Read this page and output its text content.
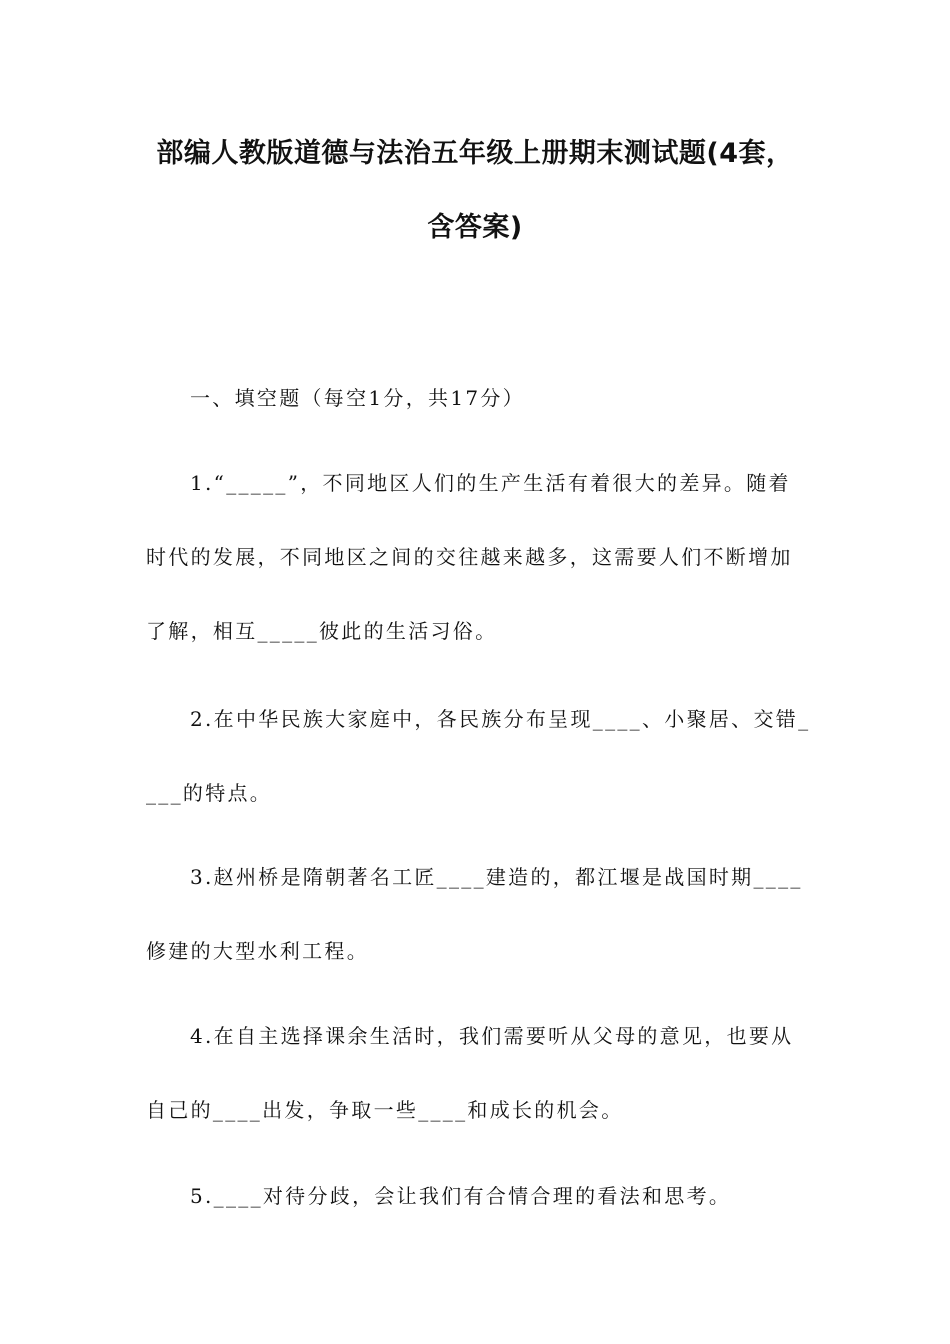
部编人教版道德与法治五年级上册期末测试题(4套，
含答案)
一、填空题（每空1分，共17分）
1.“_____”，不同地区人们的生产生活有着很大的差异。随着
时代的发展，不同地区之间的交往越来越多，这需要人们不断增加
了解，相互_____彼此的生活习俗。
2.在中华民族大家庭中，各民族分布呈现____、小聚居、交错_
___的特点。
3.赵州桥是隋朝著名工匠____建造的，都江堰是战国时期____
修建的大型水利工程。
4.在自主选择课余生活时，我们需要听从父母的意见，也要从
自己的____出发，争取一些____和成长的机会。
5.____对待分歧，会让我们有合情合理的看法和思考。
